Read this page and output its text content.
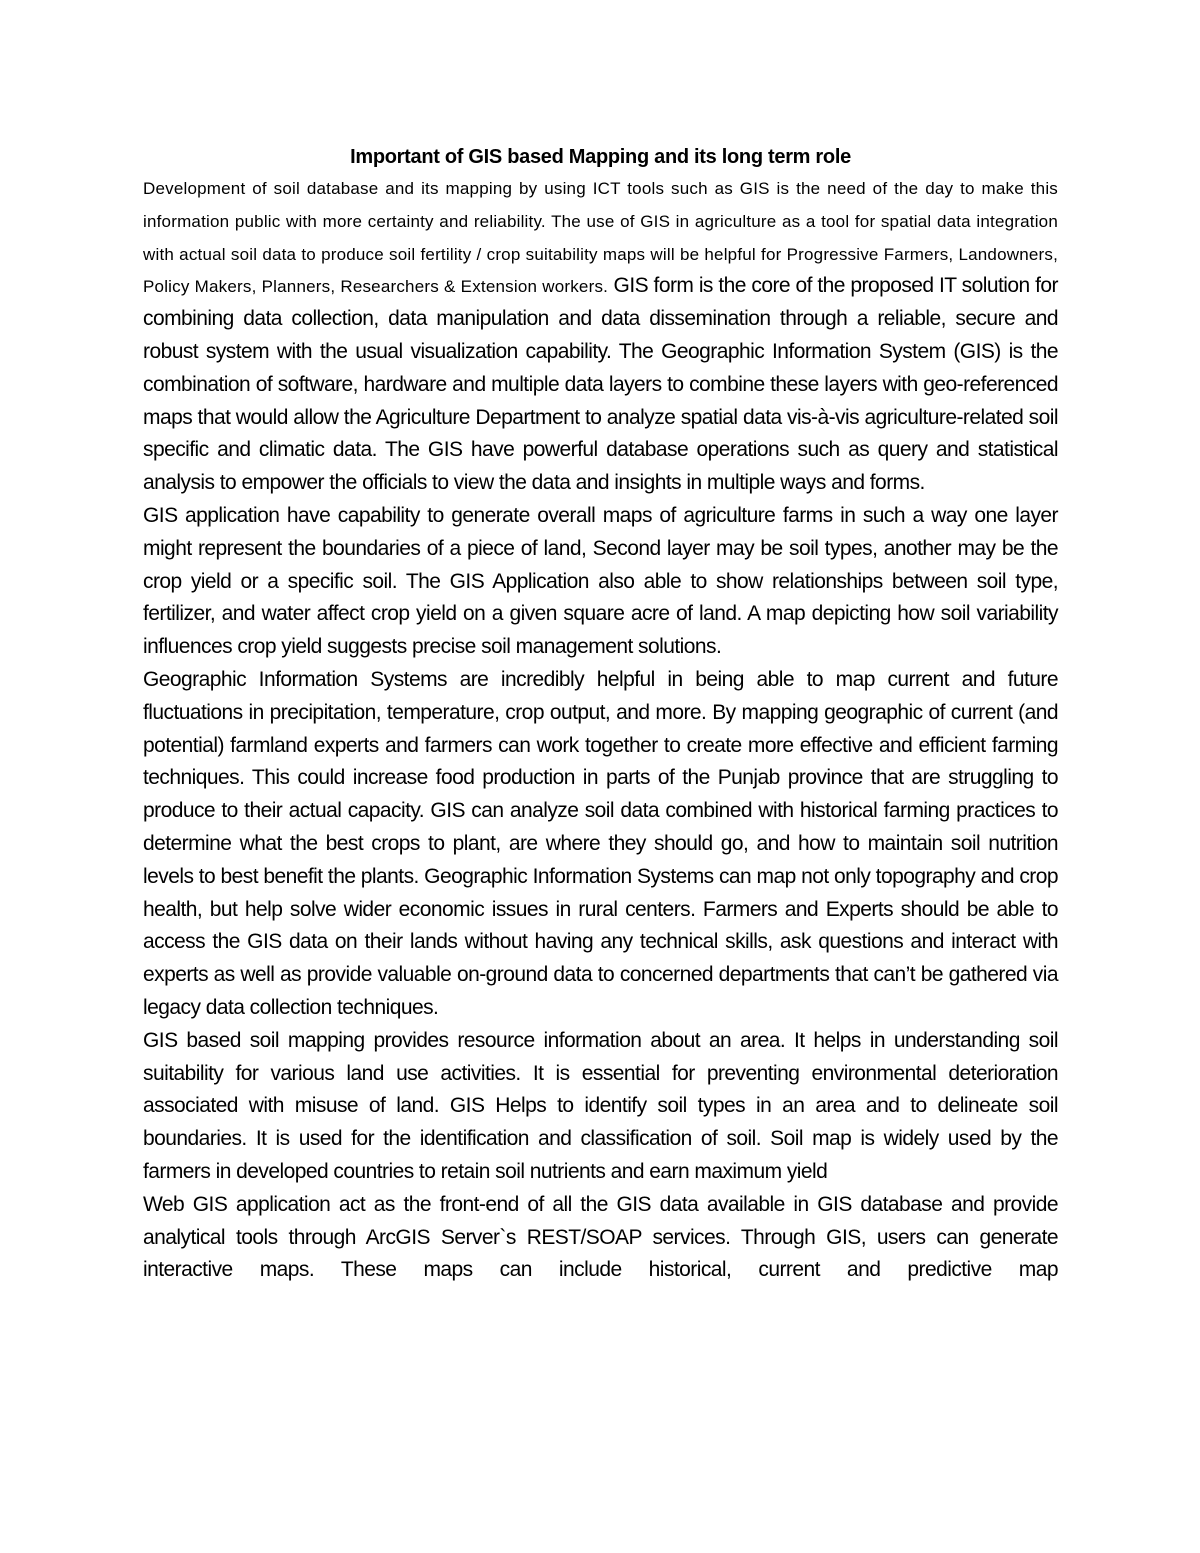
Important of GIS based Mapping and its long term role

Development of soil database and its mapping by using ICT tools such as GIS is the need of the day to make this information public with more certainty and reliability. The use of GIS in agriculture as a tool for spatial data integration with actual soil data to produce soil fertility / crop suitability maps will be helpful for Progressive Farmers, Landowners, Policy Makers, Planners, Researchers & Extension workers. GIS form is the core of the proposed IT solution for combining data collection, data manipulation and data dissemination through a reliable, secure and robust system with the usual visualization capability. The Geographic Information System (GIS) is the combination of software, hardware and multiple data layers to combine these layers with geo-referenced maps that would allow the Agriculture Department to analyze spatial data vis-à-vis agriculture-related soil specific and climatic data. The GIS have powerful database operations such as query and statistical analysis to empower the officials to view the data and insights in multiple ways and forms.

GIS application have capability to generate overall maps of agriculture farms in such a way one layer might represent the boundaries of a piece of land, Second layer may be soil types, another may be the crop yield or a specific soil. The GIS Application also able to show relationships between soil type, fertilizer, and water affect crop yield on a given square acre of land. A map depicting how soil variability influences crop yield suggests precise soil management solutions.

Geographic Information Systems are incredibly helpful in being able to map current and future fluctuations in precipitation, temperature, crop output, and more. By mapping geographic of current (and potential) farmland experts and farmers can work together to create more effective and efficient farming techniques. This could increase food production in parts of the Punjab province that are struggling to produce to their actual capacity. GIS can analyze soil data combined with historical farming practices to determine what the best crops to plant, are where they should go, and how to maintain soil nutrition levels to best benefit the plants. Geographic Information Systems can map not only topography and crop health, but help solve wider economic issues in rural centers. Farmers and Experts should be able to access the GIS data on their lands without having any technical skills, ask questions and interact with experts as well as provide valuable on-ground data to concerned departments that can’t be gathered via legacy data collection techniques.

GIS based soil mapping provides resource information about an area. It helps in understanding soil suitability for various land use activities. It is essential for preventing environmental deterioration associated with misuse of land. GIS Helps to identify soil types in an area and to delineate soil boundaries. It is used for the identification and classification of soil. Soil map is widely used by the farmers in developed countries to retain soil nutrients and earn maximum yield

Web GIS application act as the front-end of all the GIS data available in GIS database and provide analytical tools through ArcGIS Server`s REST/SOAP services. Through GIS, users can generate interactive maps. These maps can include historical, current and predictive map
